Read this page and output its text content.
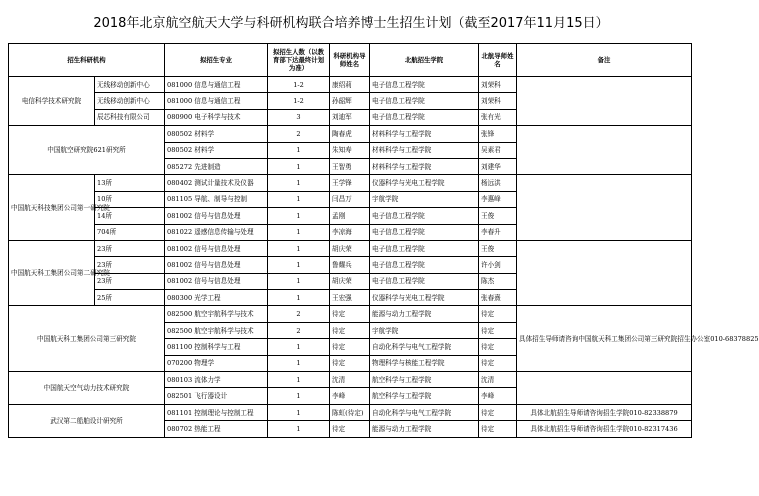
2018年北京航空航天大学与科研机构联合培养博士生招生计划（截至2017年11月15日）
招生科研机构		拟招生专业	拟招生人数（以教育部下达最终计划为准）	科研机构导师姓名	北航招生学院	北航导师姓名	备注
电信科学技术研究院	无线移动创新中心	081000 信息与通信工程	1-2	康绍莉	电子信息工程学院	刘荣科	
	无线移动创新中心	081000 信息与通信工程	1-2	孙韶辉	电子信息工程学院	刘荣科	
	辰芯科技有限公司	080900 电子科学与技术	3	刘迪军	电子信息工程学院	张有光	
中国航空研究院621研究所		080502 材料学	2	陶春虎	材料科学与工程学院	张锋	
		080502 材料学	1	朱知寿	材料科学与工程学院	吴素君	
		085272 先进制造	1	王智勇	材料科学与工程学院	刘建华	
中国航天科技集团公司第一研究院	13所	080402 测试计量技术及仪器	1	王学锋	仪器科学与光电工程学院	杨远洪	
	10所	081105 导航、制导与控制	1	闫昌万	宇航学院	李惠峰	
	14所	081002 信号与信息处理	1	孟刚	电子信息工程学院	王俊	
	704所	081022 遥感信息传输与处理	1	李凉海	电子信息工程学院	李春升	
中国航天科工集团公司第二研究院	23所	081002 信号与信息处理	1	胡庆荣	电子信息工程学院	王俊	
	23所	081002 信号与信息处理	1	鲁耀兵	电子信息工程学院	许小剑	
	23所	081002 信号与信息处理	1	胡庆荣	电子信息工程学院	陈杰	
	25所	080300 光学工程	1	王宏强	仪器科学与光电工程学院	张春熹	
中国航天科工集团公司第三研究院		082500 航空宇航科学与技术	2	待定	能源与动力工程学院	待定	具体招生导师请咨询中国航天科工集团公司第三研究院招生办公室010-68378825
		082500 航空宇航科学与技术	2	待定	宇航学院	待定	
		081100 控制科学与工程	1	待定	自动化科学与电气工程学院	待定	
		070200 物理学	1	待定	物理科学与核能工程学院	待定	
中国航天空气动力技术研究院		080103 流体力学	1	沈清	航空科学与工程学院	沈清	
		082501 飞行器设计	1	李峰	航空科学与工程学院	李峰	
武汉第二船舶设计研究所		081101 控制理论与控制工程	1	陈虹(待定)	自动化科学与电气工程学院	待定	具体北航招生导师请咨询招生学院010-82338879
		080702 热能工程	1	待定	能源与动力工程学院	待定	具体北航招生导师请咨询招生学院010-82317436
